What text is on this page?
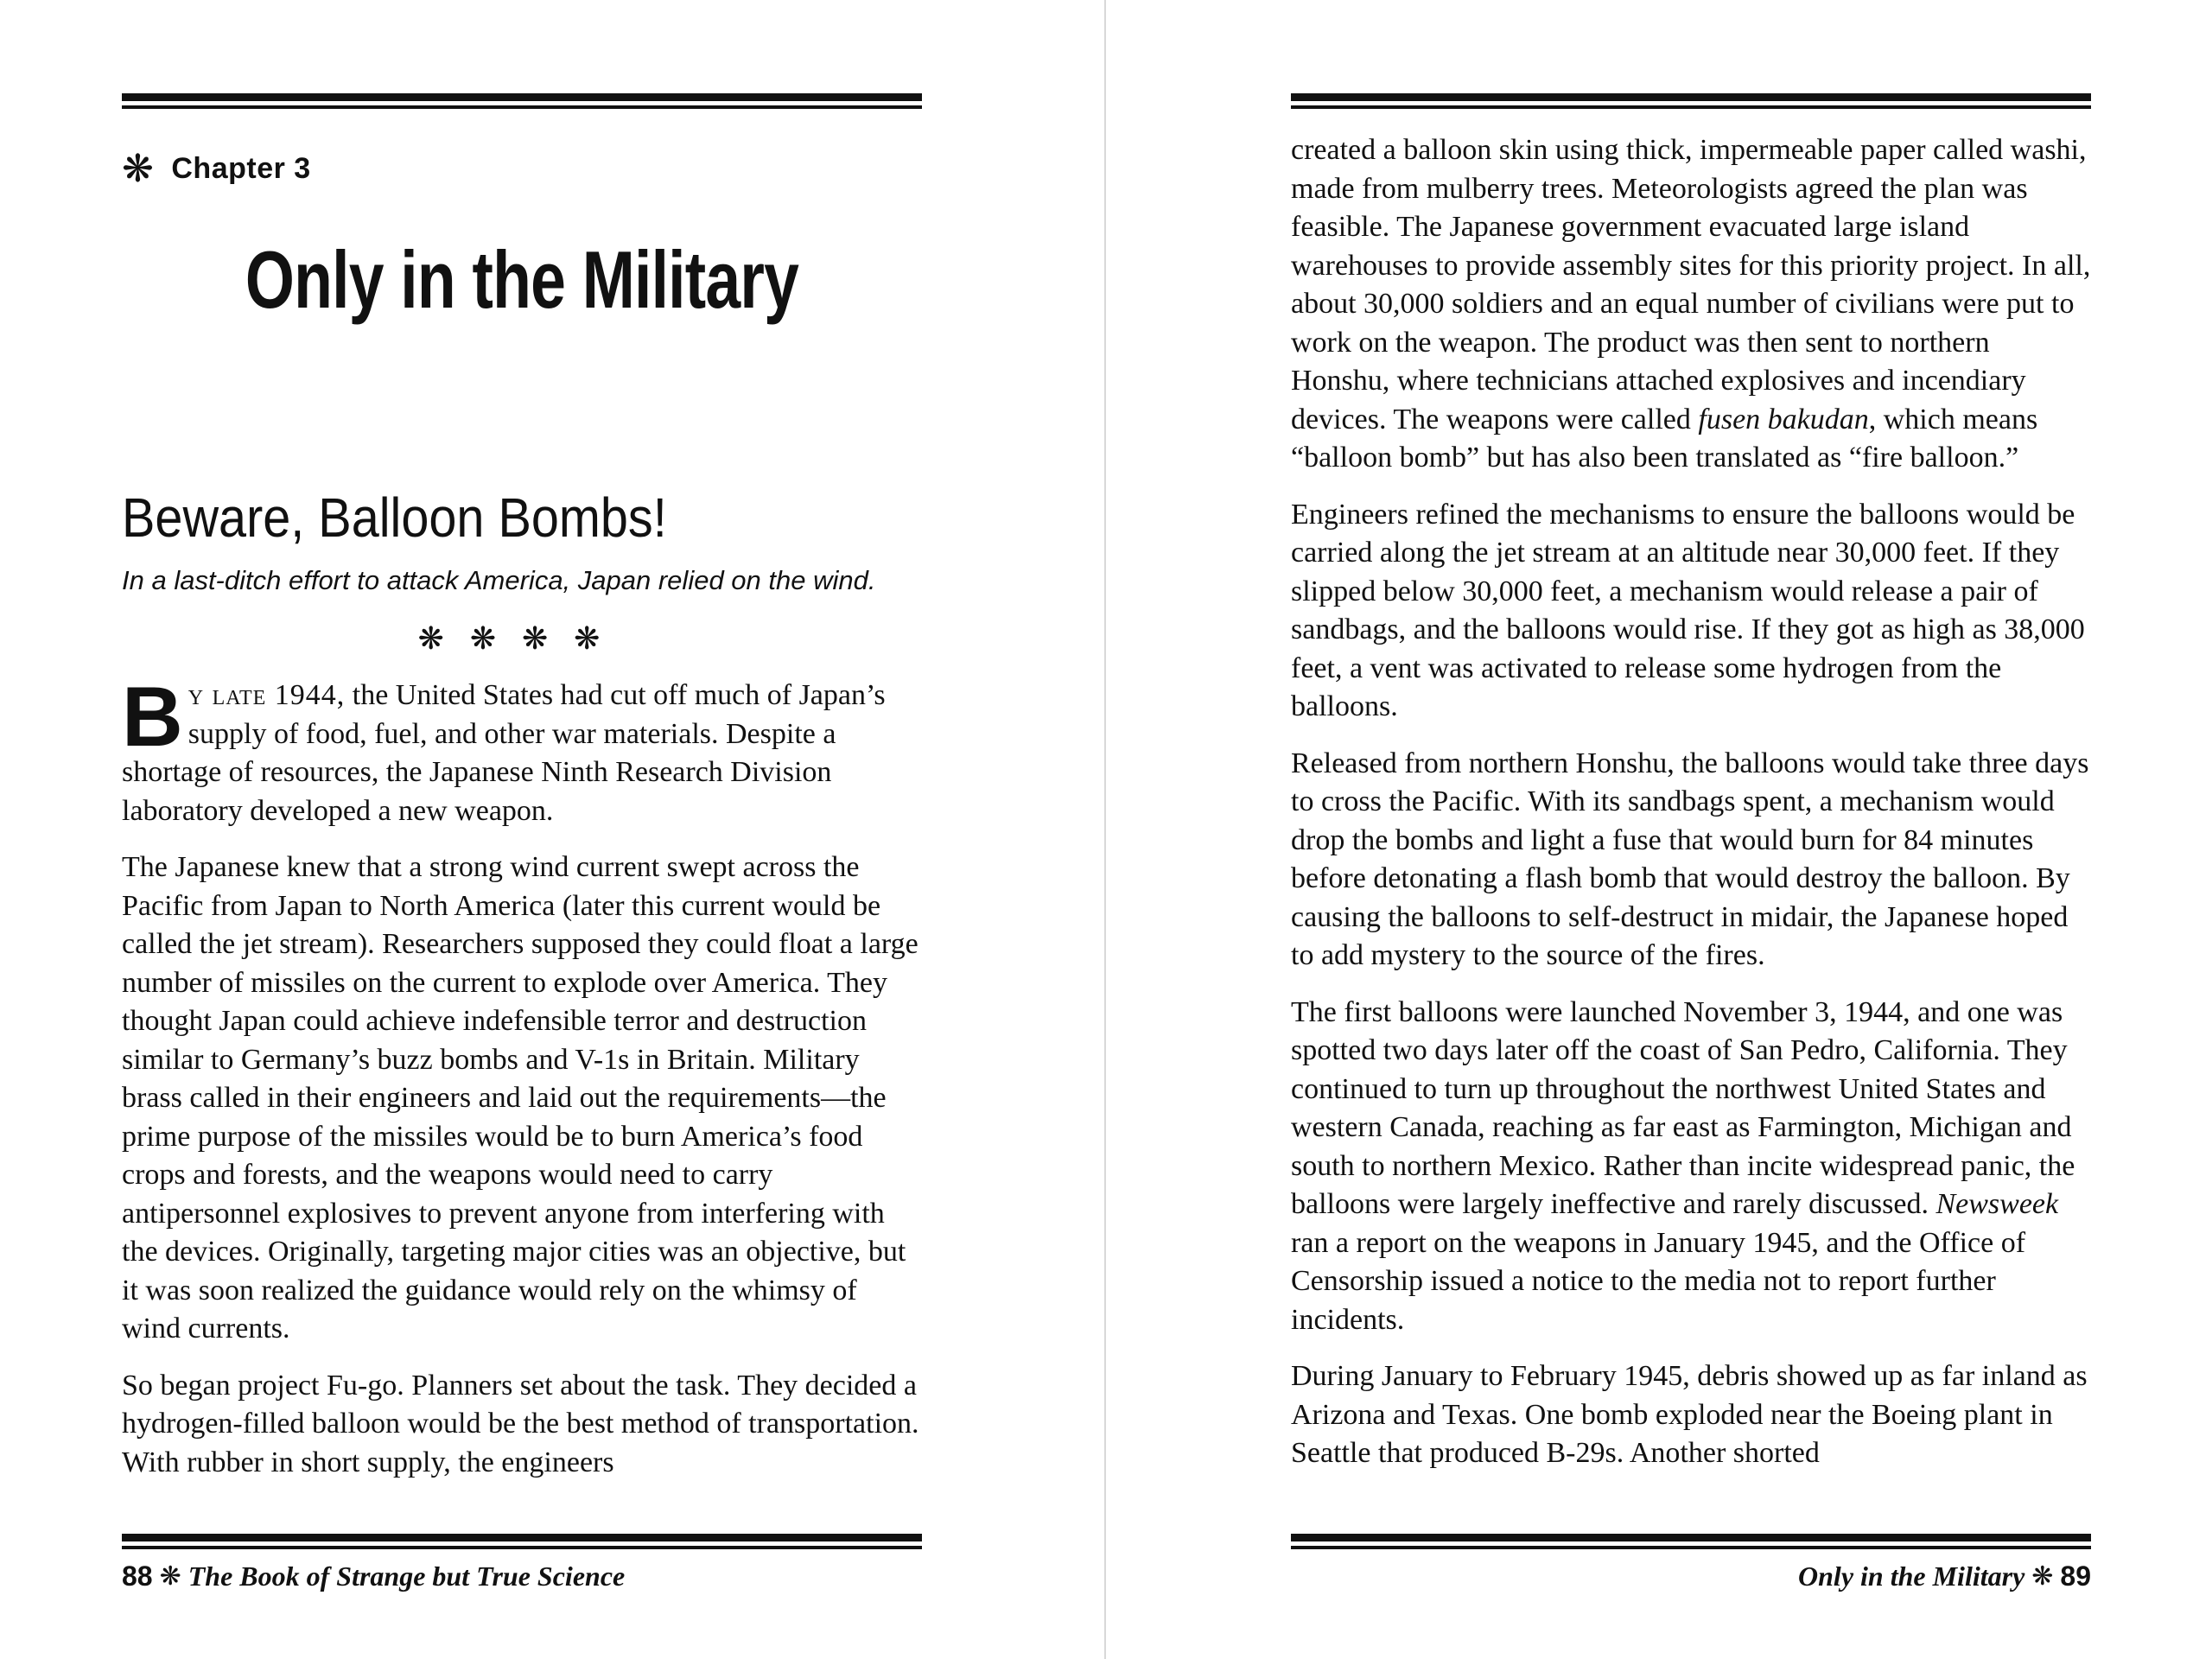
❋ Chapter 3
Only in the Military
Beware, Balloon Bombs!
In a last-ditch effort to attack America, Japan relied on the wind.
❋❋❋❋

By late 1944, the United States had cut off much of Japan’s supply of food, fuel, and other war materials. Despite a shortage of resources, the Japanese Ninth Research Division laboratory developed a new weapon.

The Japanese knew that a strong wind current swept across the Pacific from Japan to North America (later this current would be called the jet stream). Researchers supposed they could float a large number of missiles on the current to explode over America. They thought Japan could achieve indefensible terror and destruction similar to Germany’s buzz bombs and V-1s in Britain. Military brass called in their engineers and laid out the requirements—the prime purpose of the missiles would be to burn America’s food crops and forests, and the weapons would need to carry antipersonnel explosives to prevent anyone from interfering with the devices. Originally, targeting major cities was an objective, but it was soon realized the guidance would rely on the whimsy of wind currents.

So began project Fu-go. Planners set about the task. They decided a hydrogen-filled balloon would be the best method of transportation. With rubber in short supply, the engineers

88 ❋ The Book of Strange but True Science

created a balloon skin using thick, impermeable paper called washi, made from mulberry trees. Meteorologists agreed the plan was feasible. The Japanese government evacuated large island warehouses to provide assembly sites for this priority project. In all, about 30,000 soldiers and an equal number of civilians were put to work on the weapon. The product was then sent to northern Honshu, where technicians attached explosives and incendiary devices. The weapons were called fusen bakudan, which means “balloon bomb” but has also been translated as “fire balloon.”

Engineers refined the mechanisms to ensure the balloons would be carried along the jet stream at an altitude near 30,000 feet. If they slipped below 30,000 feet, a mechanism would release a pair of sandbags, and the balloons would rise. If they got as high as 38,000 feet, a vent was activated to release some hydrogen from the balloons.

Released from northern Honshu, the balloons would take three days to cross the Pacific. With its sandbags spent, a mechanism would drop the bombs and light a fuse that would burn for 84 minutes before detonating a flash bomb that would destroy the balloon. By causing the balloons to self-destruct in midair, the Japanese hoped to add mystery to the source of the fires.

The first balloons were launched November 3, 1944, and one was spotted two days later off the coast of San Pedro, California. They continued to turn up throughout the northwest United States and western Canada, reaching as far east as Farmington, Michigan and south to northern Mexico. Rather than incite widespread panic, the balloons were largely ineffective and rarely discussed. Newsweek ran a report on the weapons in January 1945, and the Office of Censorship issued a notice to the media not to report further incidents.

During January to February 1945, debris showed up as far inland as Arizona and Texas. One bomb exploded near the Boeing plant in Seattle that produced B-29s. Another shorted

Only in the Military ❋ 89
